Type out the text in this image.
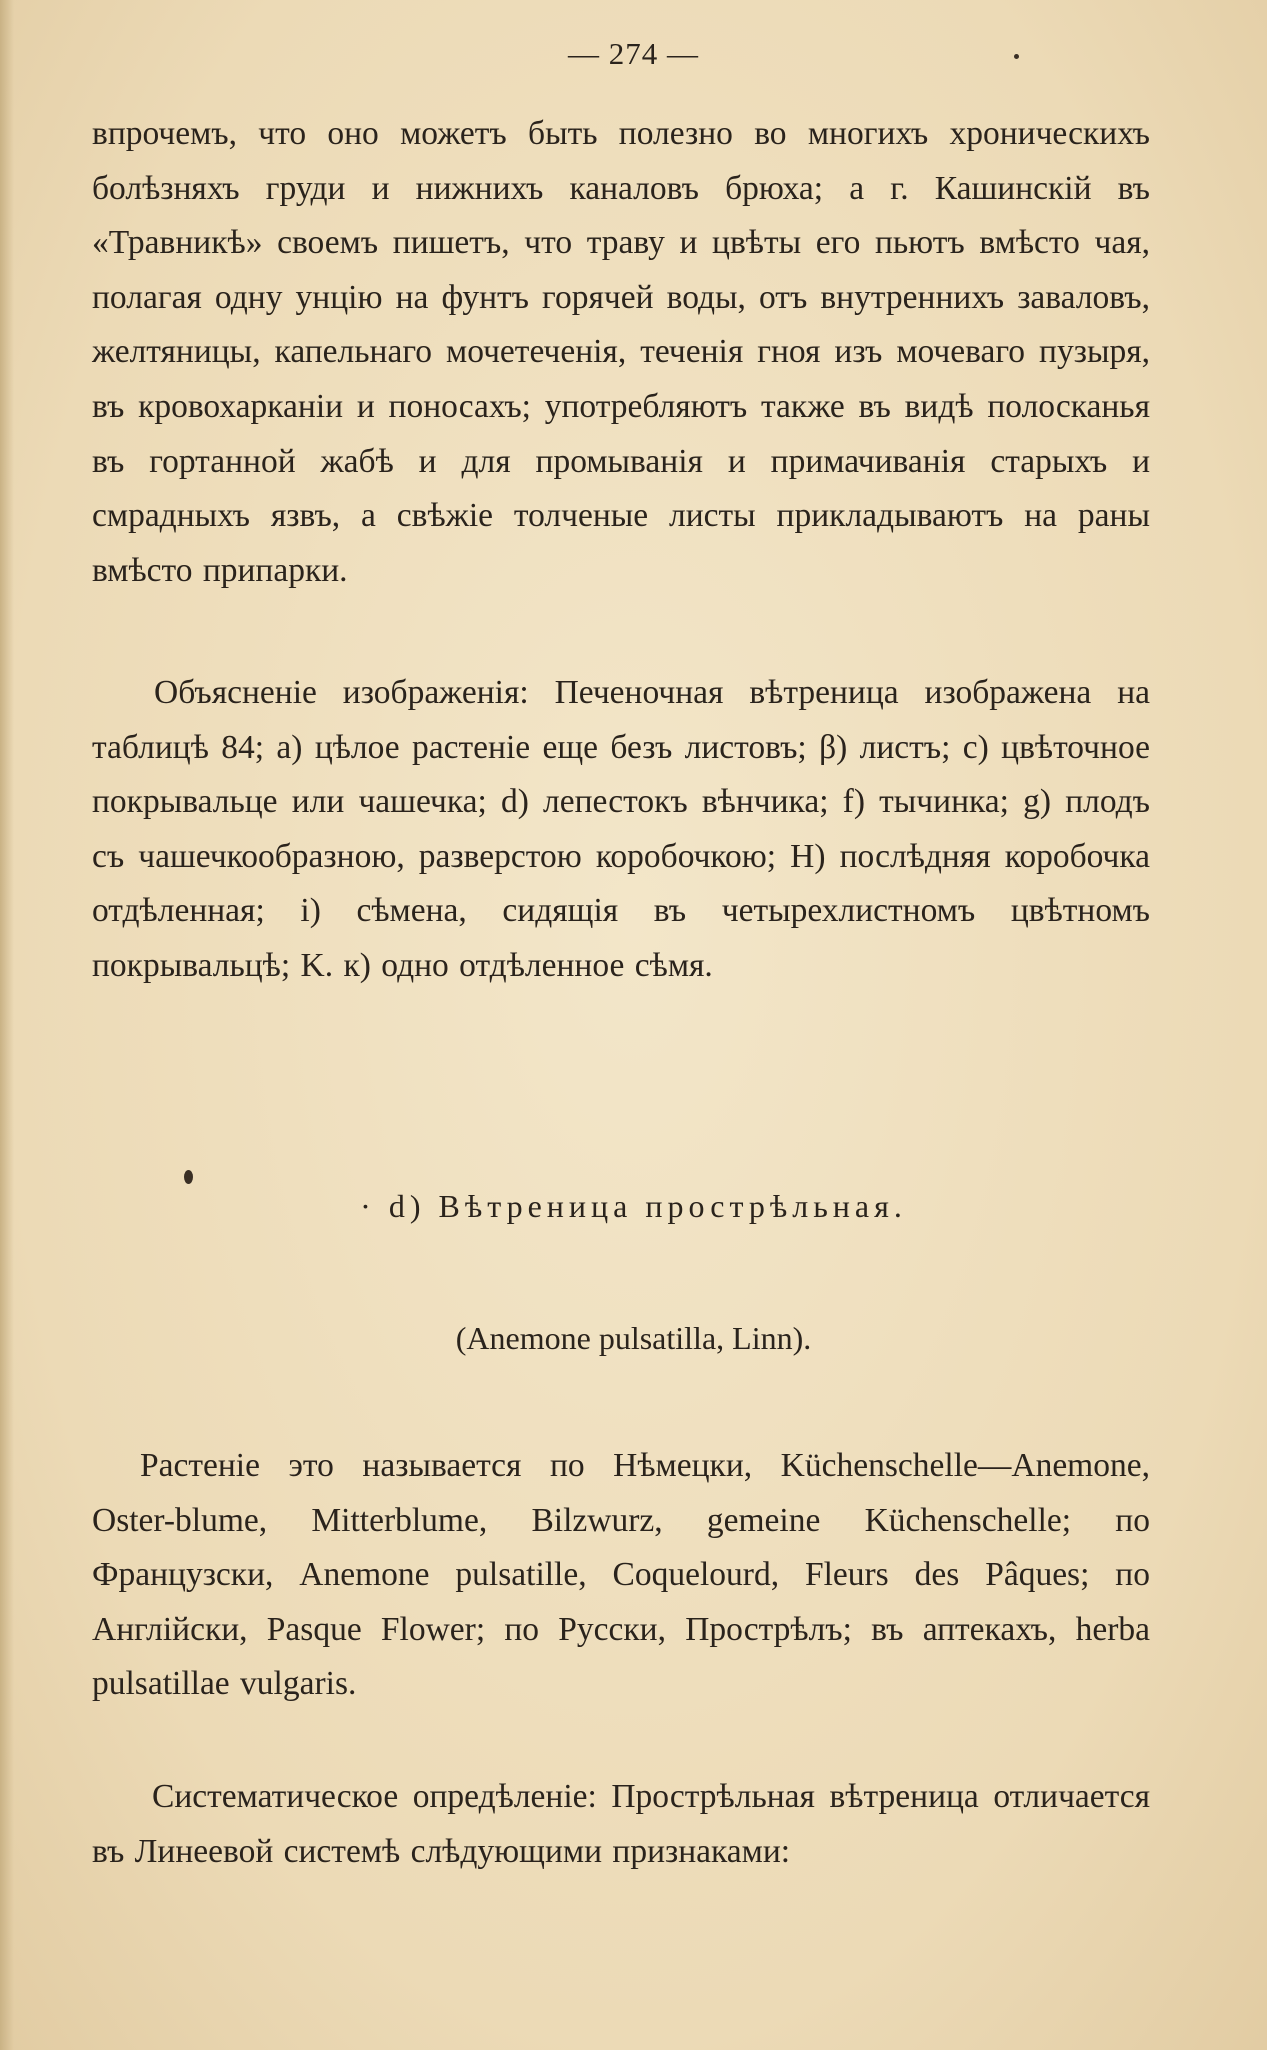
— 274 —

впрочемъ, что оно можетъ быть полезно во многихъ хроническихъ болѣзняхъ груди и нижнихъ каналовъ брюха; а г. Кашинскій въ «Травникѣ» своемъ пишетъ, что траву и цвѣты его пьютъ вмѣсто чая, полагая одну унцію на фунтъ горячей воды, отъ внутреннихъ заваловъ, желтяницы, капельнаго мочетеченія, теченія гноя изъ мочеваго пузыря, въ кровохарканіи и поносахъ; употребляютъ также въ видѣ полосканья въ гортанной жабѣ и для промыванія и примачиванія старыхъ и смрадныхъ язвъ, а свѣжіе толченые листы прикладываютъ на раны вмѣсто припарки.

Объясненіе изображенія: Печеночная вѣтреница изображена на таблицѣ 84; а) цѣлое растеніе еще безъ листовъ; β) листъ; с) цвѣточное покрывальце или чашечка; d) лепестокъ вѣнчика; f) тычинка; g) плодъ съ чашечкообразною, разверстою коробочкою; H) послѣдняя коробочка отдѣленная; i) сѣмена, сидящія въ четырехлистномъ цвѣтномъ покрывальцѣ; K. к) одно отдѣленное сѣмя.

· d) Вѣтреница прострѣльная.
(Anemone pulsatilla, Linn).

Растеніе это называется по Нѣмецки, Küchenschelle—Anemone, Oster-blume, Mitterblume, Bilzwurz, gemeine Küchenschelle; по Французски, Anemone pulsatille, Coquelourd, Fleurs des Pâques; по Англійски, Pasque Flower; по Русски, Прострѣлъ; въ аптекахъ, herba pulsatillae vulgaris.

Систематическое опредѣленіе: Прострѣльная вѣтреница отличается въ Линеевой системѣ слѣдующими признаками:
